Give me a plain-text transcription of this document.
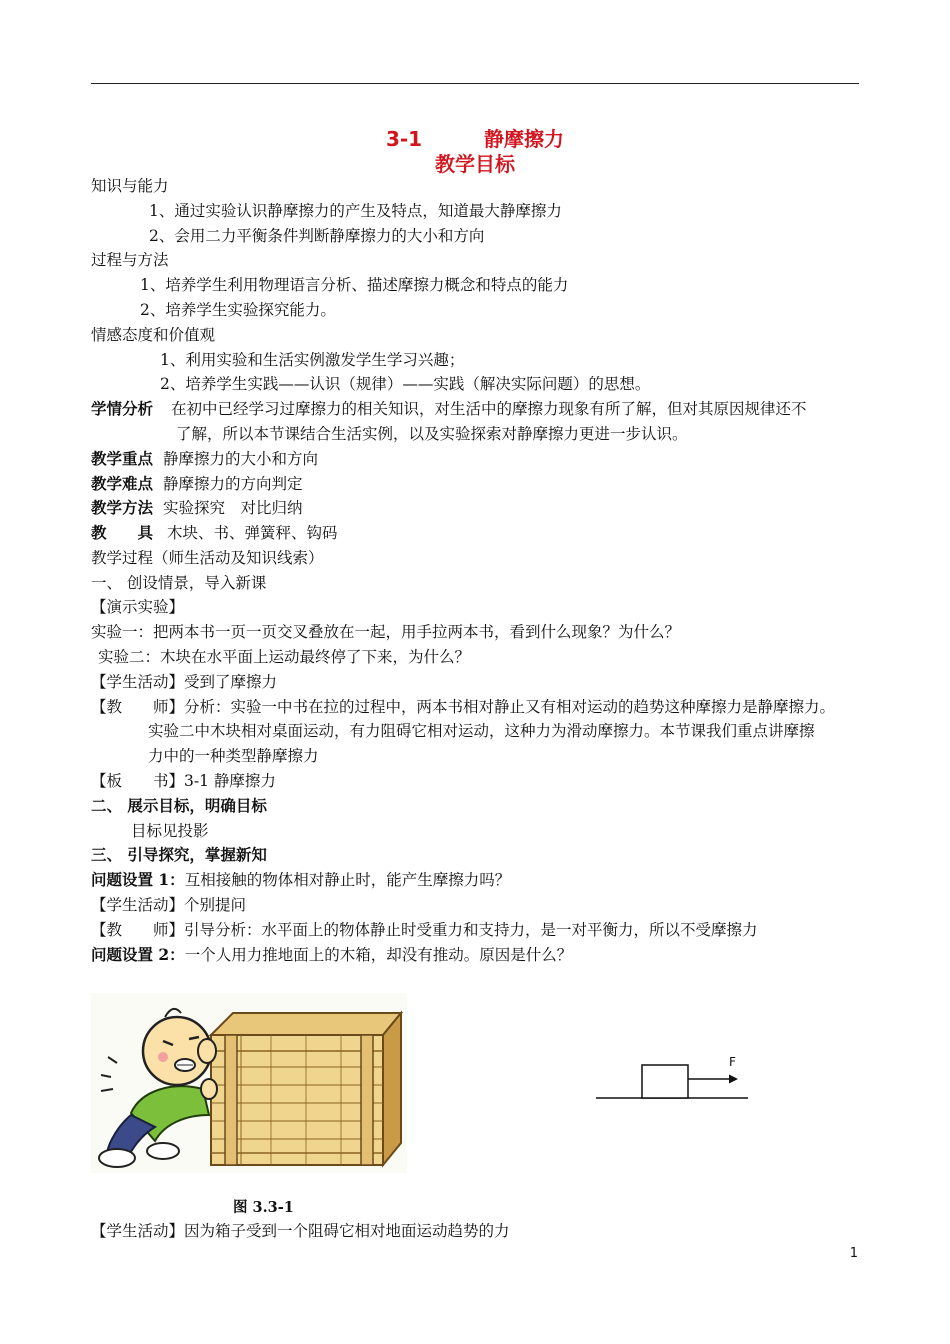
3-1	静摩擦力
教学目标
知识与能力
1、通过实验认识静摩擦力的产生及特点，知道最大静摩擦力
2、会用二力平衡条件判断静摩擦力的大小和方向
过程与方法
1、培养学生利用物理语言分析、描述摩擦力概念和特点的能力
2、培养学生实验探究能力。
情感态度和价值观
1、利用实验和生活实例激发学生学习兴趣；
2、培养学生实践——认识（规律）——实践（解决实际问题）的思想。
学情分析 在初中已经学习过摩擦力的相关知识，对生活中的摩擦力现象有所了解，但对其原因规律还不
了解，所以本节课结合生活实例，以及实验探索对静摩擦力更进一步认识。
教学重点 静摩擦力的大小和方向
教学难点 静摩擦力的方向判定
教学方法 实验探究　对比归纳
教　　具 木块、书、弹簧秤、钩码
教学过程（师生活动及知识线索）
一、 创设情景，导入新课
【演示实验】
实验一：把两本书一页一页交叉叠放在一起，用手拉两本书，看到什么现象？为什么？
实验二：木块在水平面上运动最终停了下来，为什么？
【学生活动】受到了摩擦力
【教　　师】分析：实验一中书在拉的过程中，两本书相对静止又有相对运动的趋势这种摩擦力是静摩擦力。
实验二中木块相对桌面运动，有力阻碍它相对运动，这种力为滑动摩擦力。本节课我们重点讲摩擦
力中的一种类型静摩擦力
【板　　书】3-1 静摩擦力
二、 展示目标，明确目标
目标见投影
三、 引导探究，掌握新知
问题设置 1：互相接触的物体相对静止时，能产生摩擦力吗？
【学生活动】个别提问
【教　　师】引导分析：水平面上的物体静止时受重力和支持力，是一对平衡力，所以不受摩擦力
问题设置 2：一个人用力推地面上的木箱，却没有推动。原因是什么？
图 3.3-1
F
【学生活动】因为箱子受到一个阻碍它相对地面运动趋势的力
1
